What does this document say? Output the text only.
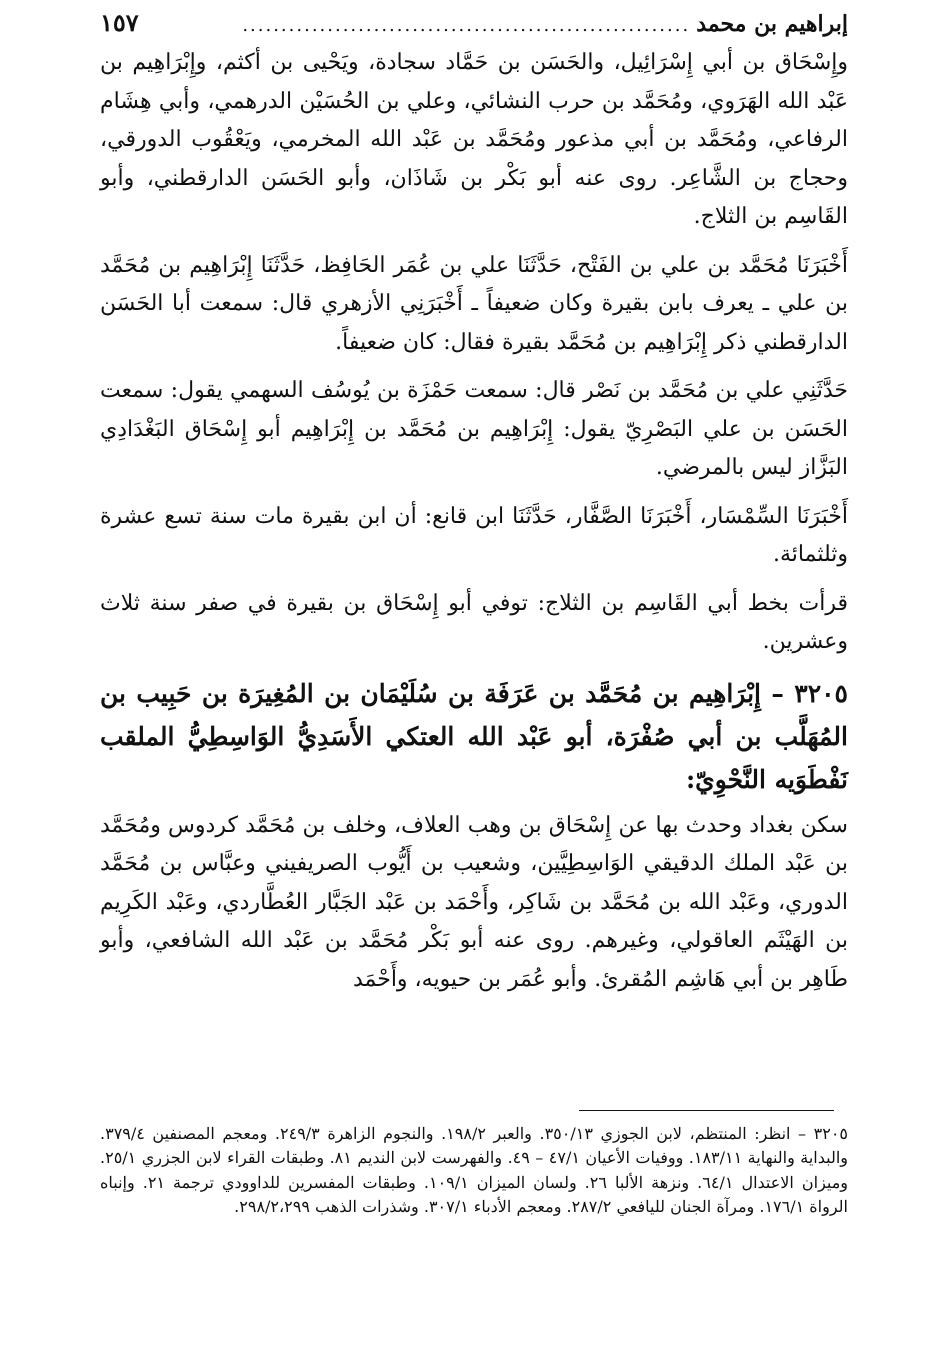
إبراهيم بن محمد
..........................................................
١٥٧

وإِسْحَاق بن أبي إِسْرَائِيل، والحَسَن بن حَمَّاد سجادة، ويَحْيى بن أكثم، وإِبْرَاهِيم بن عَبْد الله الهَرَوي، ومُحَمَّد بن حرب النشائي، وعلي بن الحُسَيْن الدرهمي، وأبي هِشَام الرفاعي، ومُحَمَّد بن أبي مذعور ومُحَمَّد بن عَبْد الله المخرمي، ويَعْقُوب الدورقي، وحجاج بن الشَّاعِر. روى عنه أبو بَكْر بن شَاذَان، وأبو الحَسَن الدارقطني، وأبو القَاسِم بن الثلاج.

أَخْبَرَنَا مُحَمَّد بن علي بن الفَتْح، حَدَّثَنَا علي بن عُمَر الحَافِظ، حَدَّثَنَا إِبْرَاهِيم بن مُحَمَّد بن علي ـ يعرف بابن بقيرة وكان ضعيفاً ـ أَخْبَرَنِي الأزهري قال: سمعت أبا الحَسَن الدارقطني ذكر إِبْرَاهِيم بن مُحَمَّد بقيرة فقال: كان ضعيفاً.

حَدَّثَنِي علي بن مُحَمَّد بن نَصْر قال: سمعت حَمْزَة بن يُوسُف السهمي يقول: سمعت الحَسَن بن علي البَصْرِيّ يقول: إِبْرَاهِيم بن مُحَمَّد بن إِبْرَاهِيم أبو إِسْحَاق البَغْدَادِي البَزَّاز ليس بالمرضي.

أَخْبَرَنَا السِّمْسَار، أَخْبَرَنَا الصَّفَّار، حَدَّثَنَا ابن قانع: أن ابن بقيرة مات سنة تسع عشرة وثلثمائة.

قرأت بخط أبي القَاسِم بن الثلاج: توفي أبو إِسْحَاق بن بقيرة في صفر سنة ثلاث وعشرين.

٣٢٠٥ – إِبْرَاهِيم بن مُحَمَّد بن عَرَفَة بن سُلَيْمَان بن المُغِيرَة بن حَبِيب بن المُهَلَّب بن أبي صُفْرَة، أبو عَبْد الله العتكي الأَسَدِيُّ الوَاسِطِيُّ الملقب نَفْطَوَيه النَّحْوِيّ:

سكن بغداد وحدث بها عن إِسْحَاق بن وهب العلاف، وخلف بن مُحَمَّد كردوس ومُحَمَّد بن عَبْد الملك الدقيقي الوَاسِطِيَّين، وشعيب بن أَيُّوب الصريفيني وعبَّاس بن مُحَمَّد الدوري، وعَبْد الله بن مُحَمَّد بن شَاكِر، وأَحْمَد بن عَبْد الجَبَّار العُطَّاردي، وعَبْد الكَرِيم بن الهَيْثَم العاقولي، وغيرهم. روى عنه أبو بَكْر مُحَمَّد بن عَبْد الله الشافعي، وأبو طَاهِر بن أبي هَاشِم المُقرئ. وأبو عُمَر بن حيويه، وأَحْمَد

٣٢٠٥ – انظر: المنتظم، لابن الجوزي ٣٥٠/١٣. والعبر ١٩٨/٢. والنجوم الزاهرة ٢٤٩/٣. ومعجم المصنفين ٣٧٩/٤. والبداية والنهاية ١٨٣/١١. ووفيات الأعيان ٤٧/١ – ٤٩. والفهرست لابن النديم ٨١. وطبقات القراء لابن الجزري ٢٥/١. وميزان الاعتدال ٦٤/١. ونزهة الألبا ٢٦. ولسان الميزان ١٠٩/١. وطبقات المفسرين للداوودي ترجمة ٢١. وإنباه الرواة ١٧٦/١. ومرآة الجنان لليافعي ٢٨٧/٢. ومعجم الأدباء ٣٠٧/١. وشذرات الذهب ٢٩٨/٢،٢٩٩.
